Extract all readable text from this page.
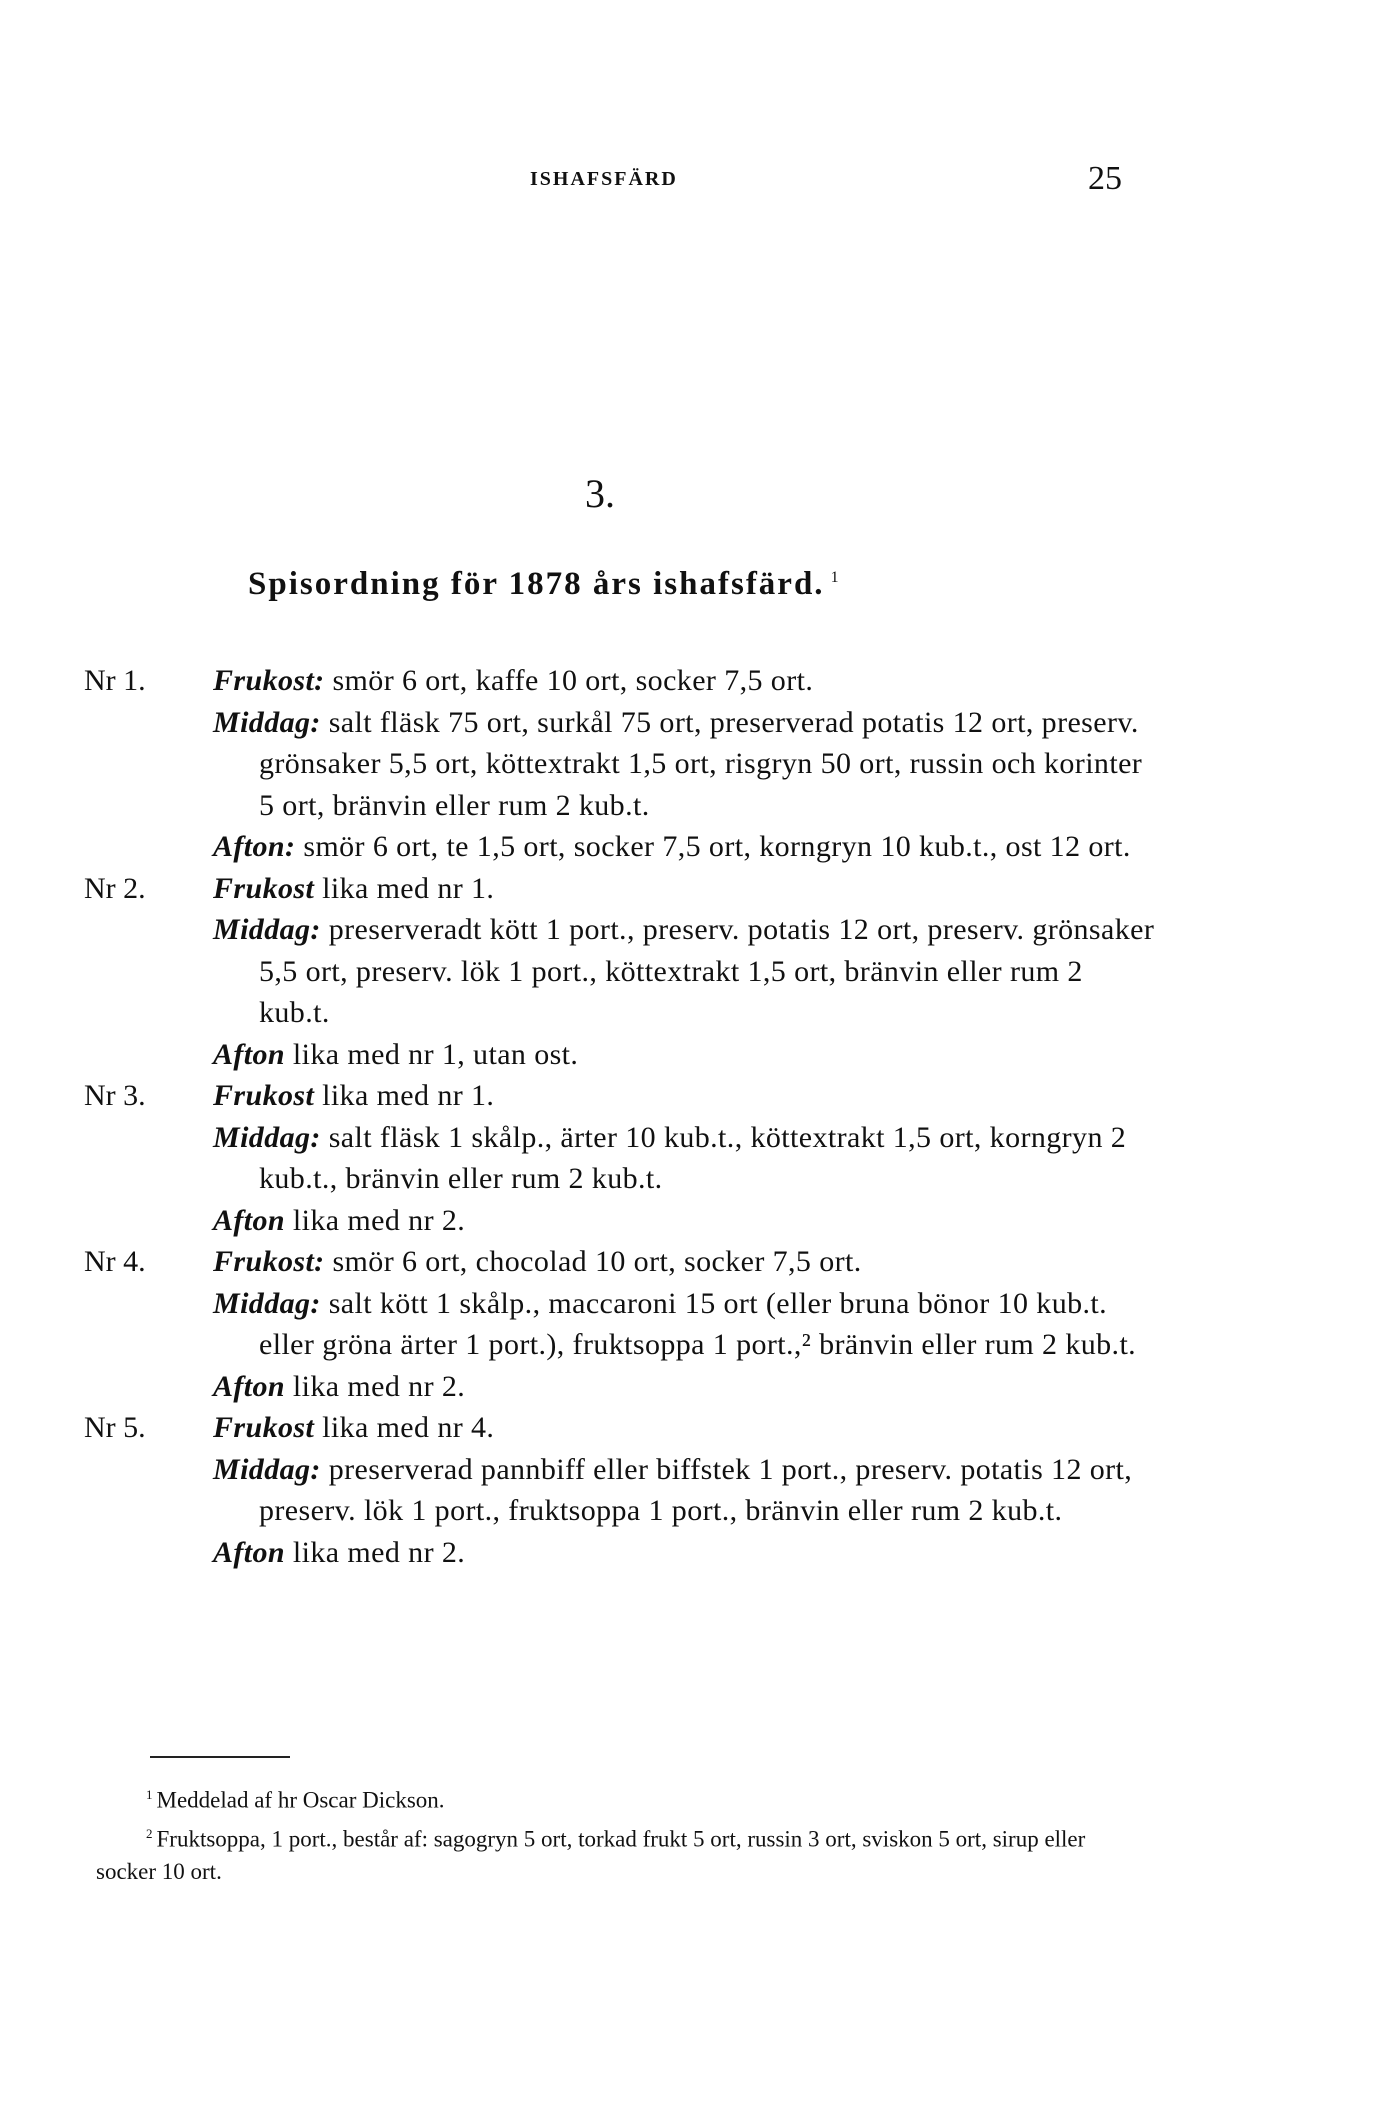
ISHAFSFÄRD	25
3.
Spisordning för 1878 års ishafsfärd. $^1$
Nr 1. Frukost: smör 6 ort, kaffe 10 ort, socker 7,5 ort.
Middag: salt fläsk 75 ort, surkål 75 ort, preserverad potatis 12 ort, preserv. grönsaker 5,5 ort, köttextrakt 1,5 ort, risgryn 50 ort, russin och korinter 5 ort, bränvin eller rum 2 kub.t.
Afton: smör 6 ort, te 1,5 ort, socker 7,5 ort, korngryn 10 kub.t., ost 12 ort.
Nr 2. Frukost lika med nr 1.
Middag: preserveradt kött 1 port., preserv. potatis 12 ort, preserv. grönsaker 5,5 ort, preserv. lök 1 port., köttextrakt 1,5 ort, bränvin eller rum 2 kub.t.
Afton lika med nr 1, utan ost.
Nr 3. Frukost lika med nr 1.
Middag: salt fläsk 1 skålp., ärter 10 kub.t., köttextrakt 1,5 ort, korngryn 2 kub.t., bränvin eller rum 2 kub.t.
Afton lika med nr 2.
Nr 4. Frukost: smör 6 ort, chocolad 10 ort, socker 7,5 ort.
Middag: salt kött 1 skålp., maccaroni 15 ort (eller bruna bönor 10 kub.t. eller gröna ärter 1 port.), fruktsoppa 1 port.,² bränvin eller rum 2 kub.t.
Afton lika med nr 2.
Nr 5. Frukost lika med nr 4.
Middag: preserverad pannbiff eller biffstek 1 port., preserv. potatis 12 ort, preserv. lök 1 port., fruktsoppa 1 port., bränvin eller rum 2 kub.t.
Afton lika med nr 2.
$^1$ Meddelad af hr Oscar Dickson.
$^2$ Fruktsoppa, 1 port., består af: sagogryn 5 ort, torkad frukt 5 ort, russin 3 ort, sviskon 5 ort, sirup eller socker 10 ort.
